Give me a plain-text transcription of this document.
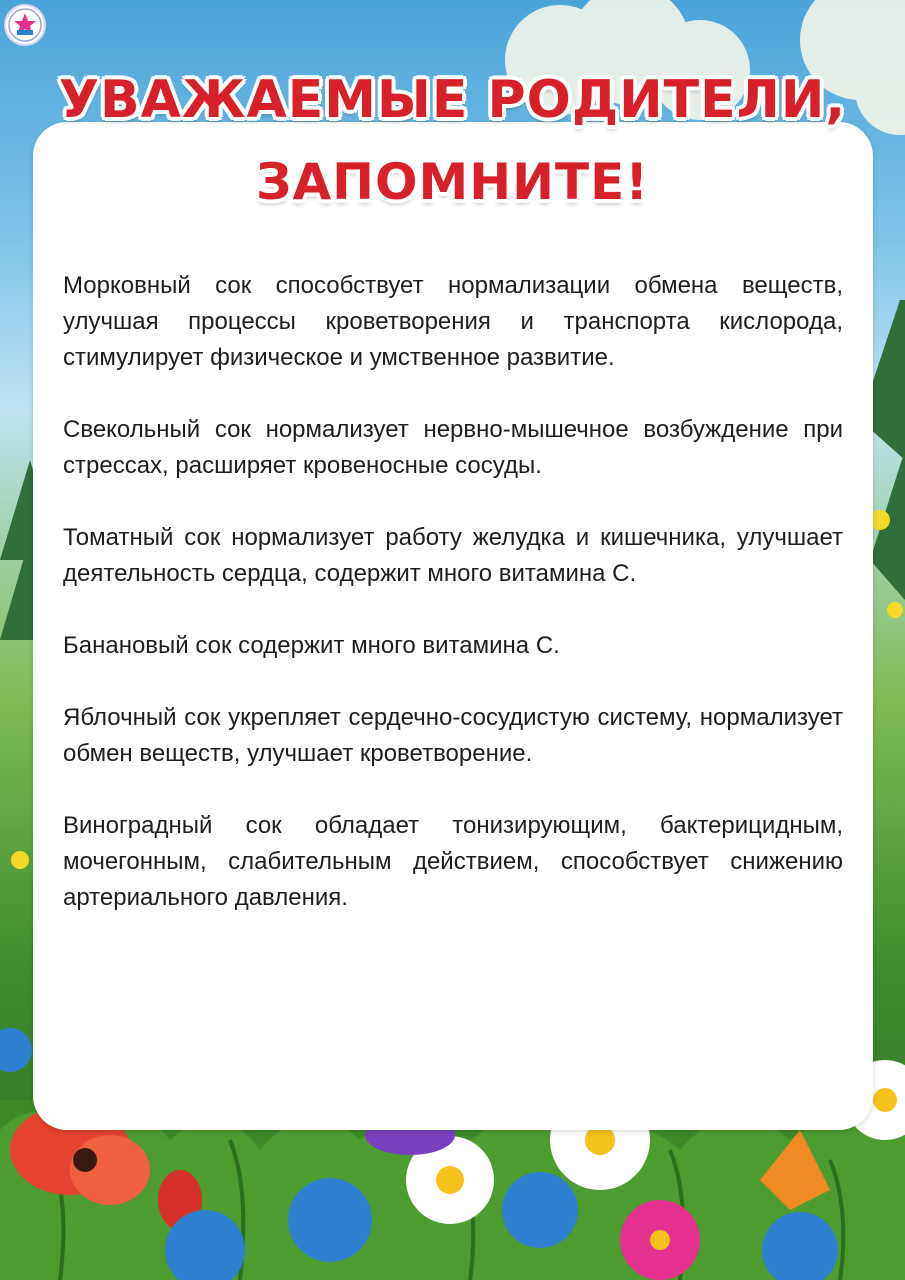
УВАЖАЕМЫЕ РОДИТЕЛИ,
ЗАПОМНИТЕ!

Морковный сок способствует нормализации обмена веществ, улучшая процессы кроветворения и транспорта кислорода, стимулирует физическое и умственное развитие.

Свекольный сок нормализует нервно-мышечное возбуждение при стрессах, расширяет кровеносные сосуды.

Томатный сок нормализует работу желудка и кишечника, улучшает деятельность сердца, содержит много витамина С.

Банановый сок содержит много витамина С.

Яблочный сок укрепляет сердечно-сосудистую систему, нормализует обмен веществ, улучшает кроветворение.

Виноградный сок обладает тонизирующим, бактерицидным, мочегонным, слабительным действием, способствует снижению артериального давления.
